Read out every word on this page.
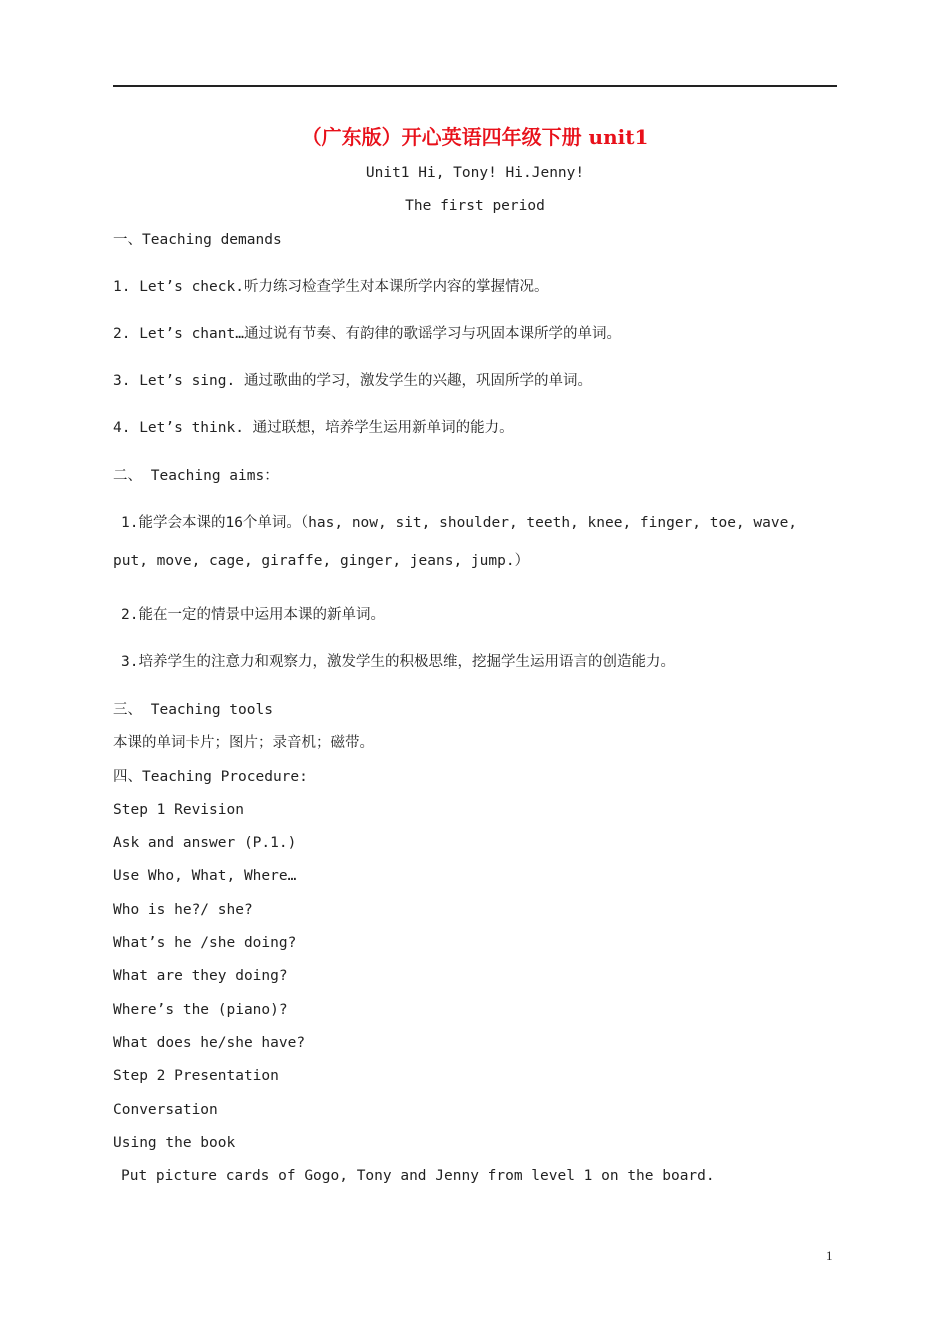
（广东版）开心英语四年级下册 unit1
Unit1 Hi, Tony! Hi.Jenny!
The first period
一、Teaching demands
1. Let’s check.听力练习检查学生对本课所学内容的掌握情况。
2. Let’s chant…通过说有节奏、有韵律的歌谣学习与巩固本课所学的单词。
3. Let’s sing. 通过歌曲的学习，激发学生的兴趣，巩固所学的单词。
4. Let’s think. 通过联想，培养学生运用新单词的能力。
二、 Teaching aims：
1.能学会本课的16个单词。（has, now, sit, shoulder, teeth, knee, finger, toe, wave,
put, move, cage, giraffe, ginger, jeans, jump.）
2.能在一定的情景中运用本课的新单词。
3.培养学生的注意力和观察力，激发学生的积极思维，挖掘学生运用语言的创造能力。
三、 Teaching tools
本课的单词卡片；图片；录音机；磁带。
四、Teaching Procedure:
Step 1 Revision
Ask and answer (P.1.)
Use Who, What, Where…
Who is he?/ she?
What’s he /she doing?
What are they doing?
Where’s the (piano)?
What does he/she have?
Step 2 Presentation
Conversation
Using the book
Put picture cards of Gogo, Tony and Jenny from level 1 on the board.
1
